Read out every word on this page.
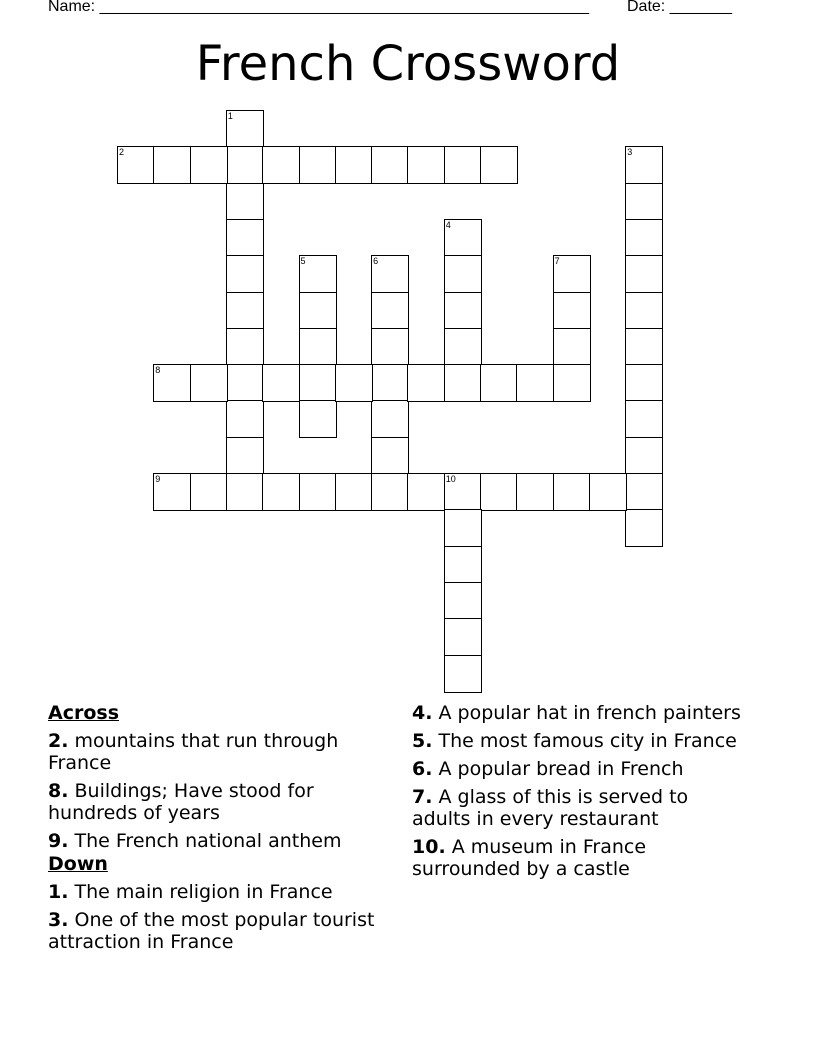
Name: _______________________________________________________ Date: _______
French Crossword
1
2	3
4
5	6	7
8
9	10
Across
2. mountains that run through France
8. Buildings; Have stood for hundreds of years
9. The French national anthem
Down
1. The main religion in France
3. One of the most popular tourist attraction in France
4. A popular hat in french painters
5. The most famous city in France
6. A popular bread in French
7. A glass of this is served to adults in every restaurant
10. A museum in France surrounded by a castle
